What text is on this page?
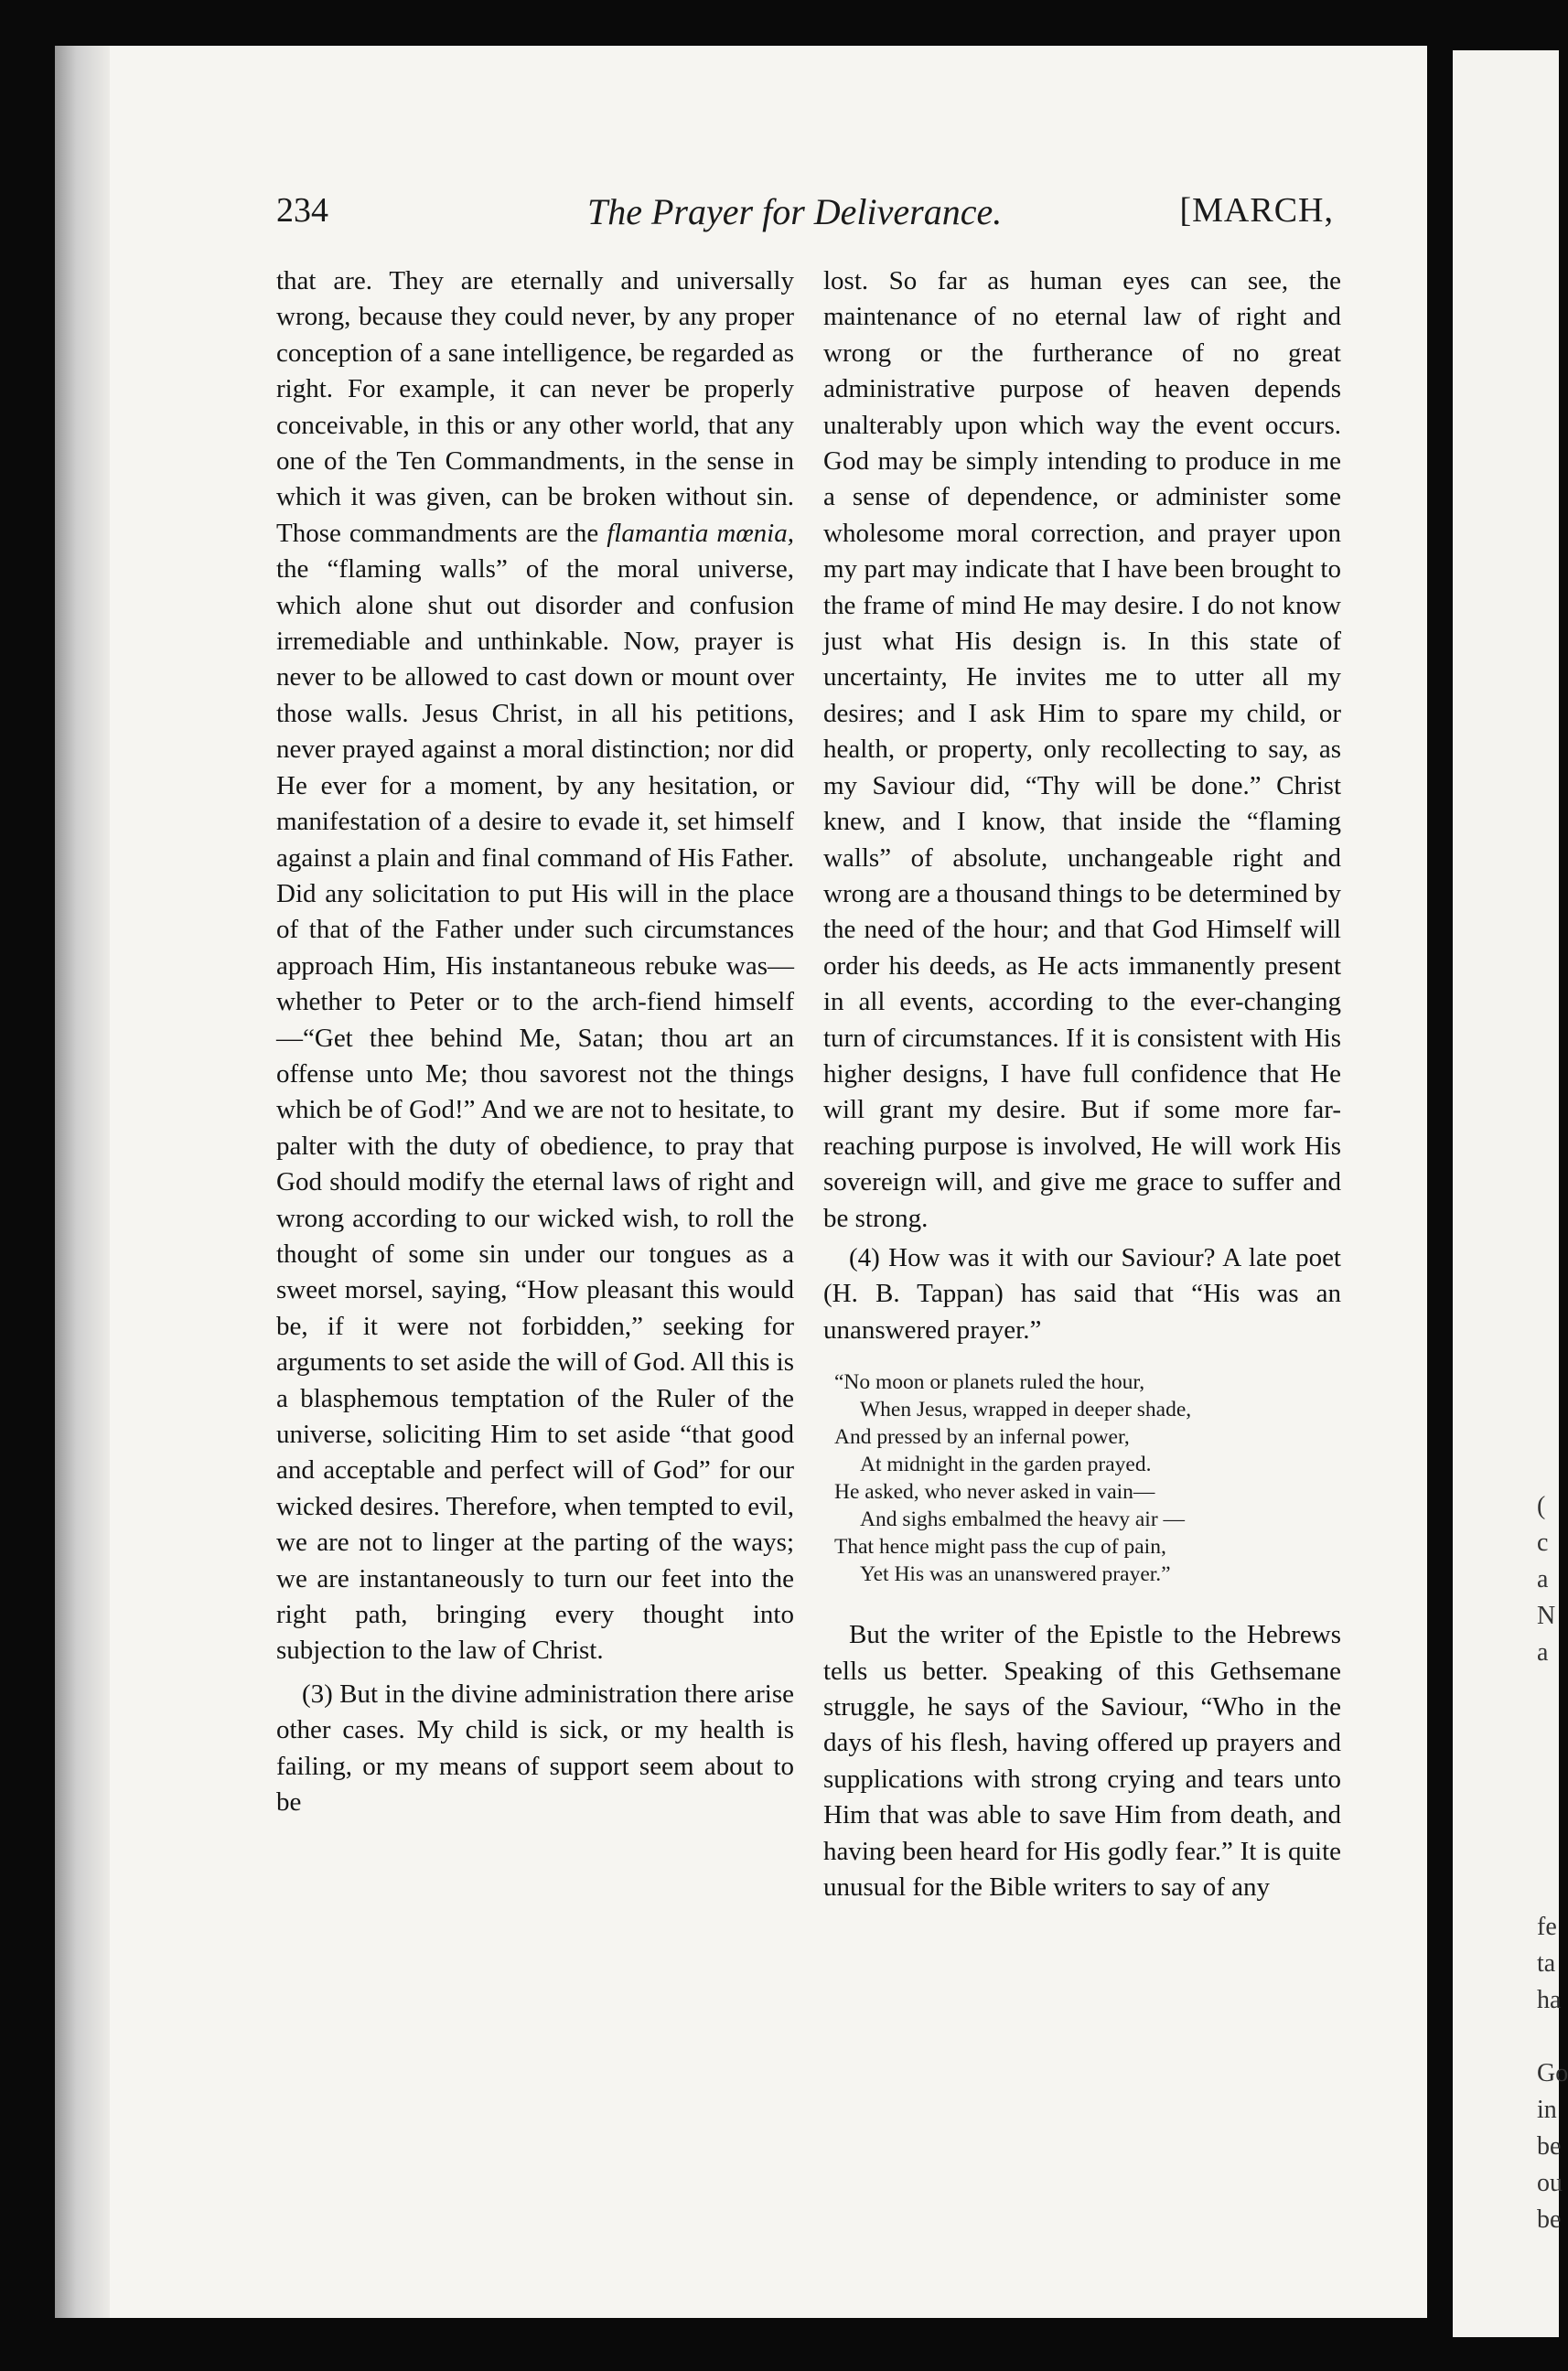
(
c
a
N
a
fe
ta
ha
Go
in
be
ou
be
234	The Prayer for Deliverance.	[MARCH,

that are. They are eternally and universally wrong, because they could never, by any proper conception of a sane intelligence, be regarded as right. For example, it can never be properly conceivable, in this or any other world, that any one of the Ten Commandments, in the sense in which it was given, can be broken without sin. Those commandments are the flamantia mœnia, the “flaming walls” of the moral universe, which alone shut out disorder and confusion irremediable and unthinkable. Now, prayer is never to be allowed to cast down or mount over those walls. Jesus Christ, in all his petitions, never prayed against a moral distinction; nor did He ever for a moment, by any hesitation, or manifestation of a desire to evade it, set himself against a plain and final command of His Father. Did any solicitation to put His will in the place of that of the Father under such circumstances approach Him, His instantaneous rebuke was—whether to Peter or to the arch-fiend himself—“Get thee behind Me, Satan; thou art an offense unto Me; thou savorest not the things which be of God!” And we are not to hesitate, to palter with the duty of obedience, to pray that God should modify the eternal laws of right and wrong according to our wicked wish, to roll the thought of some sin under our tongues as a sweet morsel, saying, “How pleasant this would be, if it were not forbidden,” seeking for arguments to set aside the will of God. All this is a blasphemous temptation of the Ruler of the universe, soliciting Him to set aside “that good and acceptable and perfect will of God” for our wicked desires. Therefore, when tempted to evil, we are not to linger at the parting of the ways; we are instantaneously to turn our feet into the right path, bringing every thought into subjection to the law of Christ.

(3) But in the divine administration there arise other cases. My child is sick, or my health is failing, or my means of support seem about to be

lost. So far as human eyes can see, the maintenance of no eternal law of right and wrong or the furtherance of no great administrative purpose of heaven depends unalterably upon which way the event occurs. God may be simply intending to produce in me a sense of dependence, or administer some wholesome moral correction, and prayer upon my part may indicate that I have been brought to the frame of mind He may desire. I do not know just what His design is. In this state of uncertainty, He invites me to utter all my desires; and I ask Him to spare my child, or health, or property, only recollecting to say, as my Saviour did, “Thy will be done.” Christ knew, and I know, that inside the “flaming walls” of absolute, unchangeable right and wrong are a thousand things to be determined by the need of the hour; and that God Himself will order his deeds, as He acts immanently present in all events, according to the ever-changing turn of circumstances. If it is consistent with His higher designs, I have full confidence that He will grant my desire. But if some more far-reaching purpose is involved, He will work His sovereign will, and give me grace to suffer and be strong.

(4) How was it with our Saviour? A late poet (H. B. Tappan) has said that “His was an unanswered prayer.”

“No moon or planets ruled the hour,
When Jesus, wrapped in deeper shade,
And pressed by an infernal power,
At midnight in the garden prayed.
He asked, who never asked in vain—
And sighs embalmed the heavy air —
That hence might pass the cup of pain,
Yet His was an unanswered prayer.”

But the writer of the Epistle to the Hebrews tells us better. Speaking of this Gethsemane struggle, he says of the Saviour, “Who in the days of his flesh, having offered up prayers and supplications with strong crying and tears unto Him that was able to save Him from death, and having been heard for His godly fear.” It is quite unusual for the Bible writers to say of any
